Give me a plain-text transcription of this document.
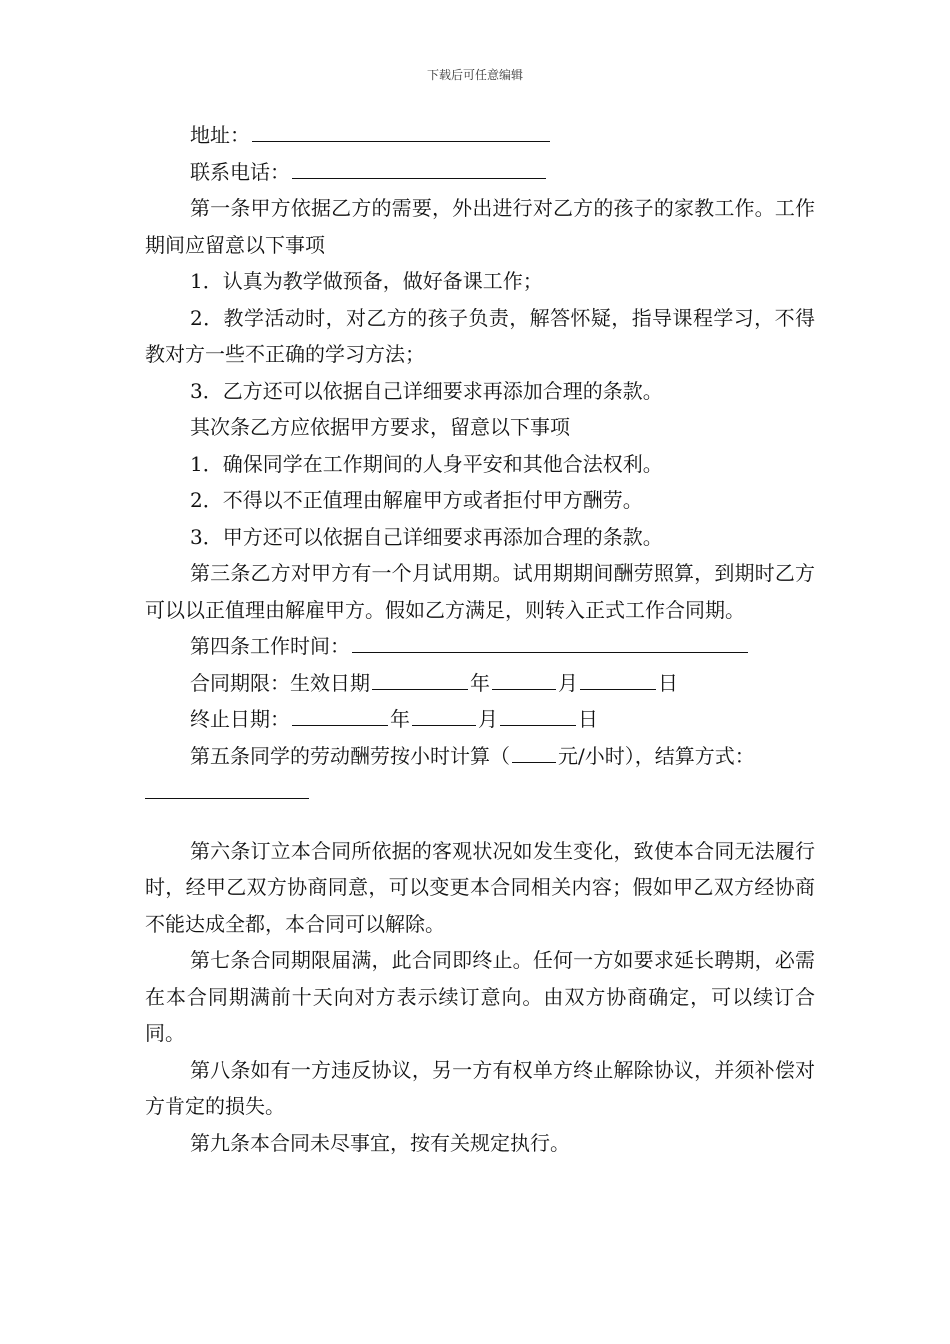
下载后可任意编辑

地址：

联系电话：

第一条甲方依据乙方的需要，外出进行对乙方的孩子的家教工作。工作期间应留意以下事项

1．认真为教学做预备，做好备课工作；

2．教学活动时，对乙方的孩子负责，解答怀疑，指导课程学习，不得教对方一些不正确的学习方法；

3．乙方还可以依据自己详细要求再添加合理的条款。

其次条乙方应依据甲方要求，留意以下事项

1．确保同学在工作期间的人身平安和其他合法权利。

2．不得以不正值理由解雇甲方或者拒付甲方酬劳。

3．甲方还可以依据自己详细要求再添加合理的条款。

第三条乙方对甲方有一个月试用期。试用期期间酬劳照算，到期时乙方可以以正值理由解雇甲方。假如乙方满足，则转入正式工作合同期。

第四条工作时间：

合同期限：生效日期	年	月	日

终止日期：	年	月	日

第五条同学的劳动酬劳按小时计算（ 元/小时），结算方式：

第六条订立本合同所依据的客观状况如发生变化，致使本合同无法履行时，经甲乙双方协商同意，可以变更本合同相关内容；假如甲乙双方经协商不能达成全都，本合同可以解除。

第七条合同期限届满，此合同即终止。任何一方如要求延长聘期，必需在本合同期满前十天向对方表示续订意向。由双方协商确定，可以续订合同。

第八条如有一方违反协议，另一方有权单方终止解除协议，并须补偿对方肯定的损失。

第九条本合同未尽事宜，按有关规定执行。
